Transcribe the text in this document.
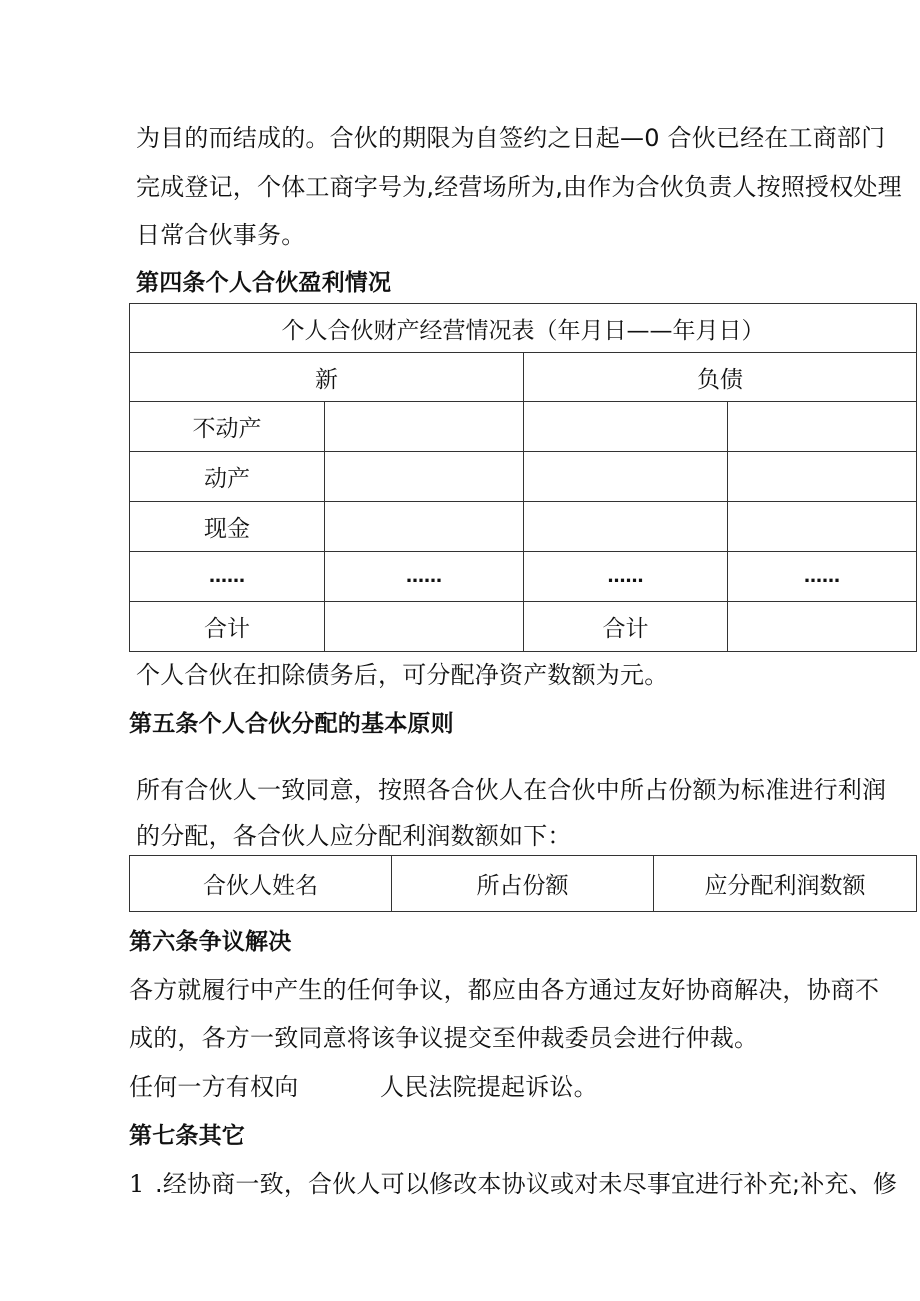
为目的而结成的。合伙的期限为自签约之日起—0 合伙已经在工商部门
完成登记，个体工商字号为,经营场所为,由作为合伙负责人按照授权处理
日常合伙事务。
第四条个人合伙盈利情况
个人合伙财产经营情况表（年月日——年月日）			
新		负债	
不动产			
动产			
现金			
……	……	……	……
合计		合计	
个人合伙在扣除债务后，可分配净资产数额为元。
第五条个人合伙分配的基本原则
所有合伙人一致同意，按照各合伙人在合伙中所占份额为标准进行利润
的分配，各合伙人应分配利润数额如下：
合伙人姓名	所占份额	应分配利润数额
第六条争议解决
各方就履行中产生的任何争议，都应由各方通过友好协商解决，协商不
成的，各方一致同意将该争议提交至仲裁委员会进行仲裁。
任何一方有权向	人民法院提起诉讼。
第七条其它
1 .经协商一致，合伙人可以修改本协议或对未尽事宜进行补充;补充、修
